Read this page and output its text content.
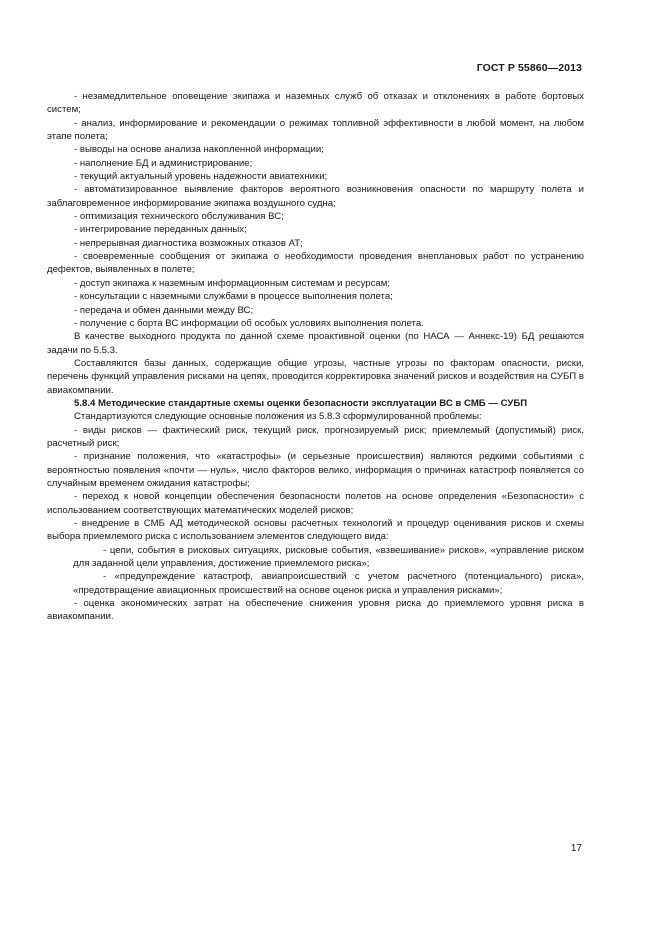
ГОСТ Р 55860—2013

- незамедлительное оповещение экипажа и наземных служб об отказах и отклонениях в работе бортовых систем;

- анализ, информирование и рекомендации о режимах топливной эффективности в любой момент, на любом этапе полета;

- выводы на основе анализа накопленной информации;

- наполнение БД и администрирование;

- текущий актуальный уровень надежности авиатехники;

- автоматизированное выявление факторов вероятного возникновения опасности по маршруту полета и заблаговременное информирование экипажа воздушного судна;

- оптимизация технического обслуживания ВС;

- интегрирование переданных данных;

- непрерывная диагностика возможных отказов АТ;

- своевременные сообщения от экипажа о необходимости проведения внеплановых работ по устранению дефектов, выявленных в полете;

- доступ экипажа к наземным информационным системам и ресурсам;

- консультации с наземными службами в процессе выполнения полета;

- передача и обмен данными между ВС;

- получение с борта ВС информации об особых условиях выполнения полета.

В качестве выходного продукта по данной схеме проактивной оценки (по НАСА — Аннекс-19) БД решаются задачи по 5.5.3.

Составляются базы данных, содержащие общие угрозы, частные угрозы по факторам опасности, риски, перечень функций управления рисками на цепях, проводится корректировка значений рисков и воздействия на СУБП в авиакомпании.

5.8.4 Методические стандартные схемы оценки безопасности эксплуатации ВС в СМБ — СУБП

Стандартизуются следующие основные положения из 5.8.3 сформулированной проблемы:

- виды рисков — фактический риск, текущий риск, прогнозируемый риск; приемлемый (допустимый) риск, расчетный риск;

- признание положения, что «катастрофы» (и серьезные происшествия) являются редкими событиями с вероятностью появления «почти — нуль», число факторов велико, информация о причинах катастроф появляется со случайным временем ожидания катастрофы;

- переход к новой концепции обеспечения безопасности полетов на основе определения «Безопасности» с использованием соответствующих математических моделей рисков;

- внедрение в СМБ АД методической основы расчетных технологий и процедур оценивания рисков и схемы выбора приемлемого риска с использованием элементов следующего вида:

- цепи, события в рисковых ситуациях, рисковые события, «взвешивание» рисков», «управление риском для заданной цели управления, достижение приемлемого риска»;

- «предупреждение катастроф, авиапроисшествий с учетом расчетного (потенциального) риска», «предотвращение авиационных происшествий на основе оценок риска и управления рисками»;

- оценка экономических затрат на обеспечение снижения уровня риска до приемлемого уровня риска в авиакомпании.

17
